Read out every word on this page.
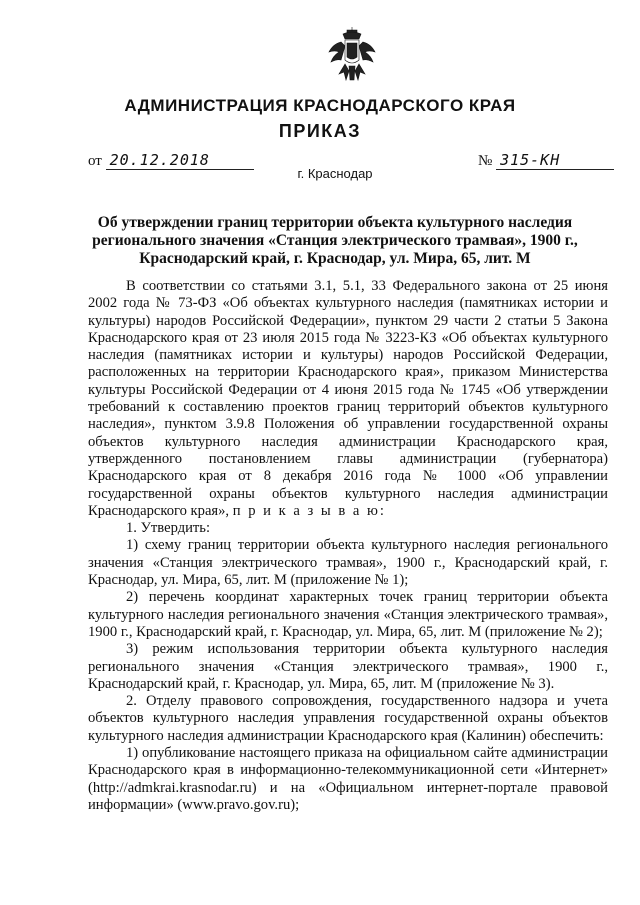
АДМИНИСТРАЦИЯ КРАСНОДАРСКОГО КРАЯ
ПРИКАЗ
от 20.12.2018	№ 315-КН
г. Краснодар
Об утверждении границ территории объекта культурного наследия регионального значения «Станция электрического трамвая», 1900 г., Краснодарский край, г. Краснодар, ул. Мира, 65, лит. М

В соответствии со статьями 3.1, 5.1, 33 Федерального закона от 25 июня 2002 года № 73-ФЗ «Об объектах культурного наследия (памятниках истории и культуры) народов Российской Федерации», пунктом 29 части 2 статьи 5 Закона Краснодарского края от 23 июля 2015 года № 3223-КЗ «Об объектах культурного наследия (памятниках истории и культуры) народов Российской Федерации, расположенных на территории Краснодарского края», приказом Министерства культуры Российской Федерации от 4 июня 2015 года № 1745 «Об утверждении требований к составлению проектов границ территорий объектов культурного наследия», пунктом 3.9.8 Положения об управлении государственной охраны объектов культурного наследия администрации Краснодарского края, утвержденного постановлением главы администрации (губернатора) Краснодарского края от 8 декабря 2016 года № 1000 «Об управлении государственной охраны объектов культурного наследия администрации Краснодарского края», п р и к а з ы в а ю:

1. Утвердить:

1) схему границ территории объекта культурного наследия регионального значения «Станция электрического трамвая», 1900 г., Краснодарский край, г. Краснодар, ул. Мира, 65, лит. М (приложение № 1);

2) перечень координат характерных точек границ территории объекта культурного наследия регионального значения «Станция электрического трамвая», 1900 г., Краснодарский край, г. Краснодар, ул. Мира, 65, лит. М (приложение № 2);

3) режим использования территории объекта культурного наследия регионального значения «Станция электрического трамвая», 1900 г., Краснодарский край, г. Краснодар, ул. Мира, 65, лит. М (приложение № 3).

2. Отделу правового сопровождения, государственного надзора и учета объектов культурного наследия управления государственной охраны объектов культурного наследия администрации Краснодарского края (Калинин) обеспечить:

1) опубликование настоящего приказа на официальном сайте администрации Краснодарского края в информационно-телекоммуникационной сети «Интернет» (http://admkrai.krasnodar.ru) и на «Официальном интернет-портале правовой информации» (www.pravo.gov.ru);
